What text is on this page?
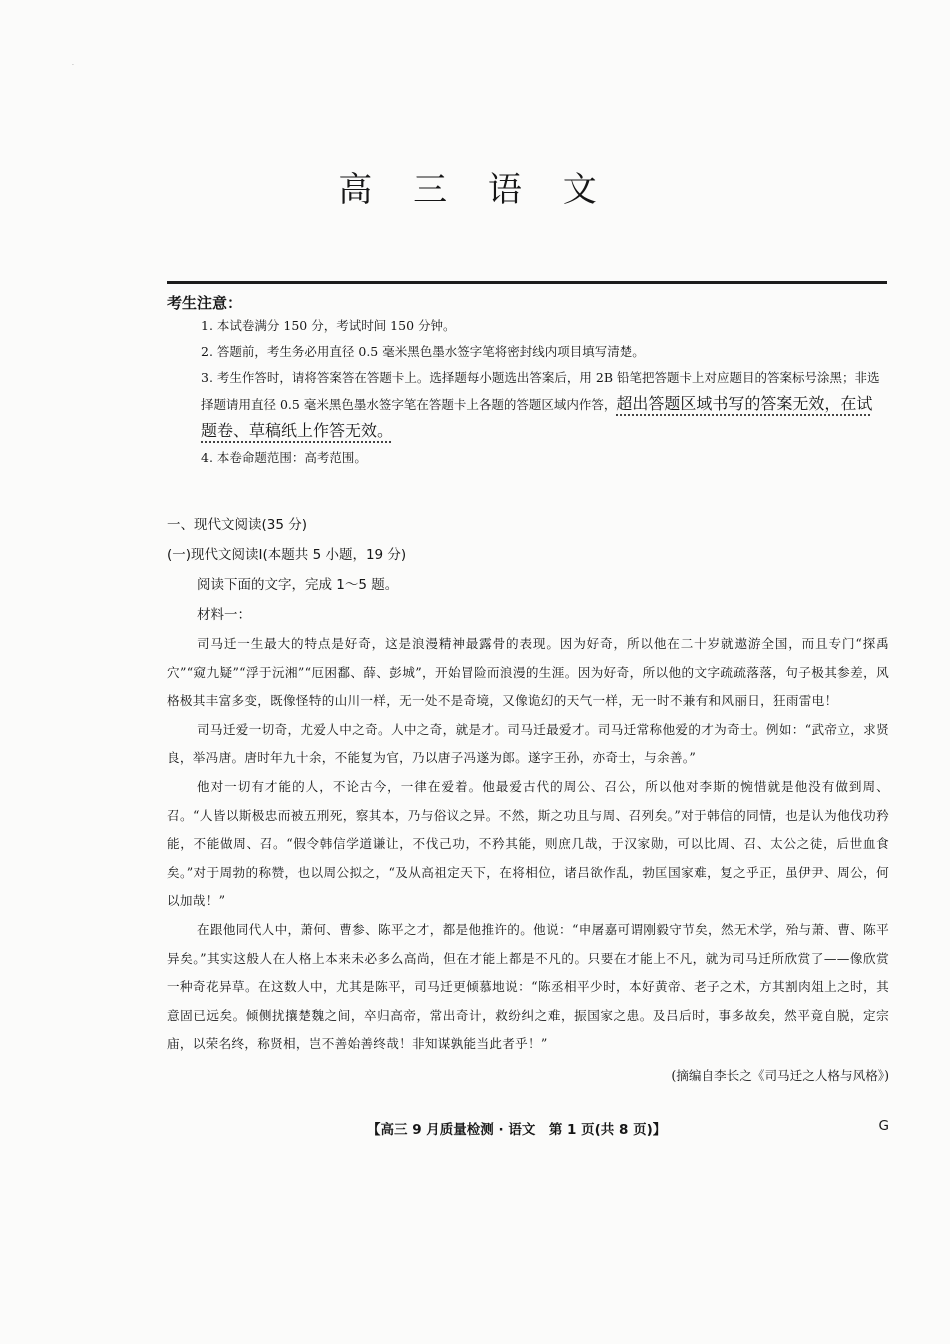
·
高 三 语 文
考生注意：
1. 本试卷满分 150 分，考试时间 150 分钟。
2. 答题前，考生务必用直径 0.5 毫米黑色墨水签字笔将密封线内项目填写清楚。
3. 考生作答时，请将答案答在答题卡上。选择题每小题选出答案后，用 2B 铅笔把答题卡上对应题目的答案标号涂黑；非选择题请用直径 0.5 毫米黑色墨水签字笔在答题卡上各题的答题区域内作答，超出答题区域书写的答案无效，在试题卷、草稿纸上作答无效。
4. 本卷命题范围：高考范围。
一、现代文阅读(35 分)
(一)现代文阅读Ⅰ(本题共 5 小题，19 分)
阅读下面的文字，完成 1～5 题。
材料一：

司马迁一生最大的特点是好奇，这是浪漫精神最露骨的表现。因为好奇，所以他在二十岁就遨游全国，而且专门“探禹穴”“窥九疑”“浮于沅湘”“厄困鄱、薛、彭城”，开始冒险而浪漫的生涯。因为好奇，所以他的文字疏疏落落，句子极其参差，风格极其丰富多变，既像怪特的山川一样，无一处不是奇境，又像诡幻的天气一样，无一时不兼有和风丽日，狂雨雷电！

司马迁爱一切奇，尤爱人中之奇。人中之奇，就是才。司马迁最爱才。司马迁常称他爱的才为奇士。例如：“武帝立，求贤良，举冯唐。唐时年九十余，不能复为官，乃以唐子冯遂为郎。遂字王孙，亦奇士，与余善。”

他对一切有才能的人，不论古今，一律在爱着。他最爱古代的周公、召公，所以他对李斯的惋惜就是他没有做到周、召。“人皆以斯极忠而被五刑死，察其本，乃与俗议之异。不然，斯之功且与周、召列矣。”对于韩信的同情，也是认为他伐功矜能，不能做周、召。“假令韩信学道谦让，不伐己功，不矜其能，则庶几哉，于汉家勋，可以比周、召、太公之徒，后世血食矣。”对于周勃的称赞，也以周公拟之，“及从高祖定天下，在将相位，诸吕欲作乱，勃匡国家难，复之乎正，虽伊尹、周公，何以加哉！”

在跟他同代人中，萧何、曹参、陈平之才，都是他推许的。他说：“申屠嘉可谓刚毅守节矣，然无术学，殆与萧、曹、陈平异矣。”其实这般人在人格上本来未必多么高尚，但在才能上都是不凡的。只要在才能上不凡，就为司马迁所欣赏了——像欣赏一种奇花异草。在这数人中，尤其是陈平，司马迁更倾慕地说：“陈丞相平少时，本好黄帝、老子之术，方其割肉俎上之时，其意固已远矣。倾侧扰攘楚魏之间，卒归高帝，常出奇计，救纷纠之难，振国家之患。及吕后时，事多故矣，然平竟自脱，定宗庙，以荣名终，称贤相，岂不善始善终哉！非知谋孰能当此者乎！”

(摘编自李长之《司马迁之人格与风格》)
【高三 9 月质量检测 · 语文　第 1 页(共 8 页)】	G
